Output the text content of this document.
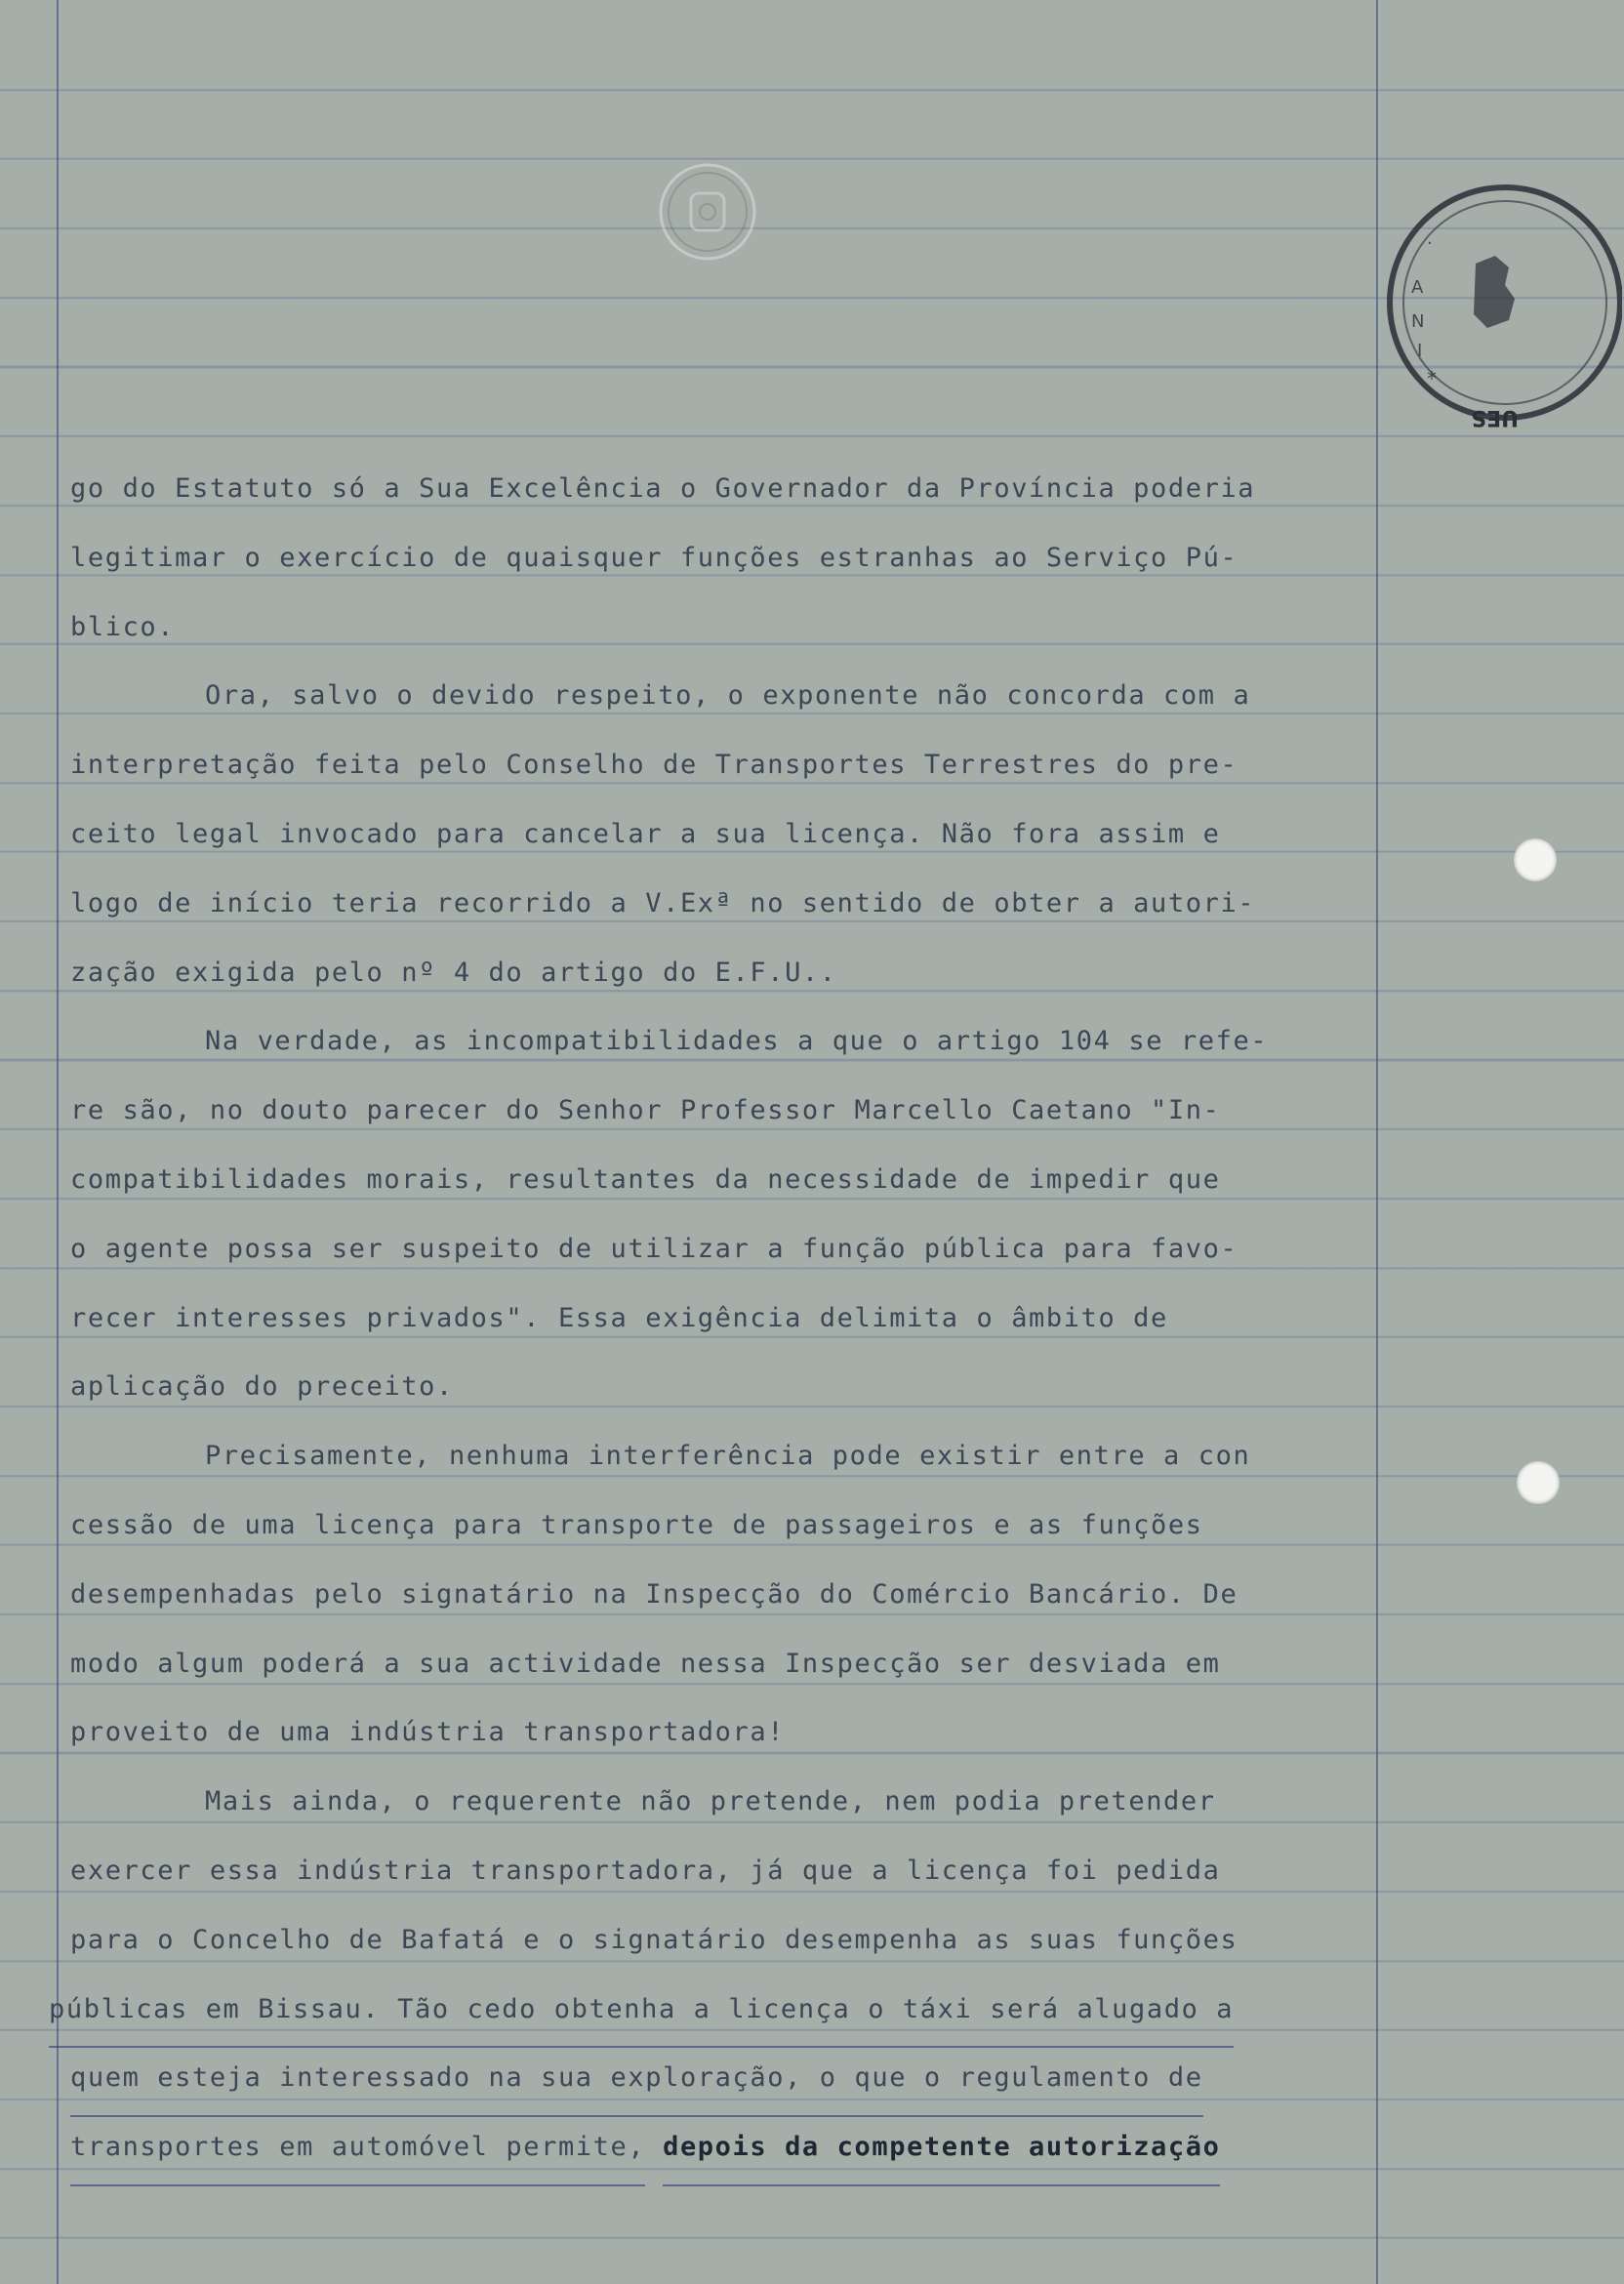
·
A
N
I
*
UES
go do Estatuto só a Sua Excelência o Governador da Província poderia
legitimar o exercício de quaisquer funções estranhas ao Serviço Pú-
blico.
Ora, salvo o devido respeito, o exponente não concorda com a
interpretação feita pelo Conselho de Transportes Terrestres do pre-
ceito legal invocado para cancelar a sua licença. Não fora assim e
logo de início teria recorrido a V.Exª no sentido de obter a autori-
zação exigida pelo nº 4 do artigo do E.F.U..
Na verdade, as incompatibilidades a que o artigo 104 se refe-
re são, no douto parecer do Senhor Professor Marcello Caetano "In-
compatibilidades morais, resultantes da necessidade de impedir que
o agente possa ser suspeito de utilizar a função pública para favo-
recer interesses privados". Essa exigência delimita o âmbito de
aplicação do preceito.
Precisamente, nenhuma interferência pode existir entre a con
cessão de uma licença para transporte de passageiros e as funções
desempenhadas pelo signatário na Inspecção do Comércio Bancário. De
modo algum poderá a sua actividade nessa Inspecção ser desviada em
proveito de uma indústria transportadora!
Mais ainda, o requerente não pretende, nem podia pretender
exercer essa indústria transportadora, já que a licença foi pedida
para o Concelho de Bafatá e o signatário desempenha as suas funções
públicas em Bissau. Tão cedo obtenha a licença o táxi será alugado a
quem esteja interessado na sua exploração, o que o regulamento de
transportes em automóvel permite, depois da competente autorização
